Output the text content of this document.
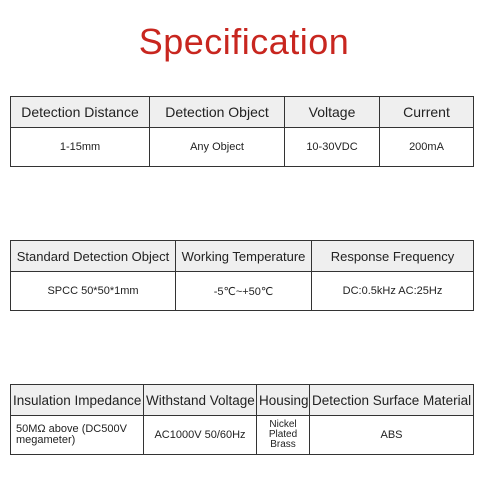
Specification
Detection Distance	Detection Object	Voltage	Current
1-15mm	Any Object	10-30VDC	200mA
Standard Detection Object	Working Temperature	Response Frequency
SPCC 50*50*1mm	-5℃~+50℃	DC:0.5kHz AC:25Hz
Insulation Impedance	Withstand Voltage	Housing	Detection Surface Material
50MΩ above (DC500V megameter)	AC1000V 50/60Hz	Nickel Plated Brass	ABS
